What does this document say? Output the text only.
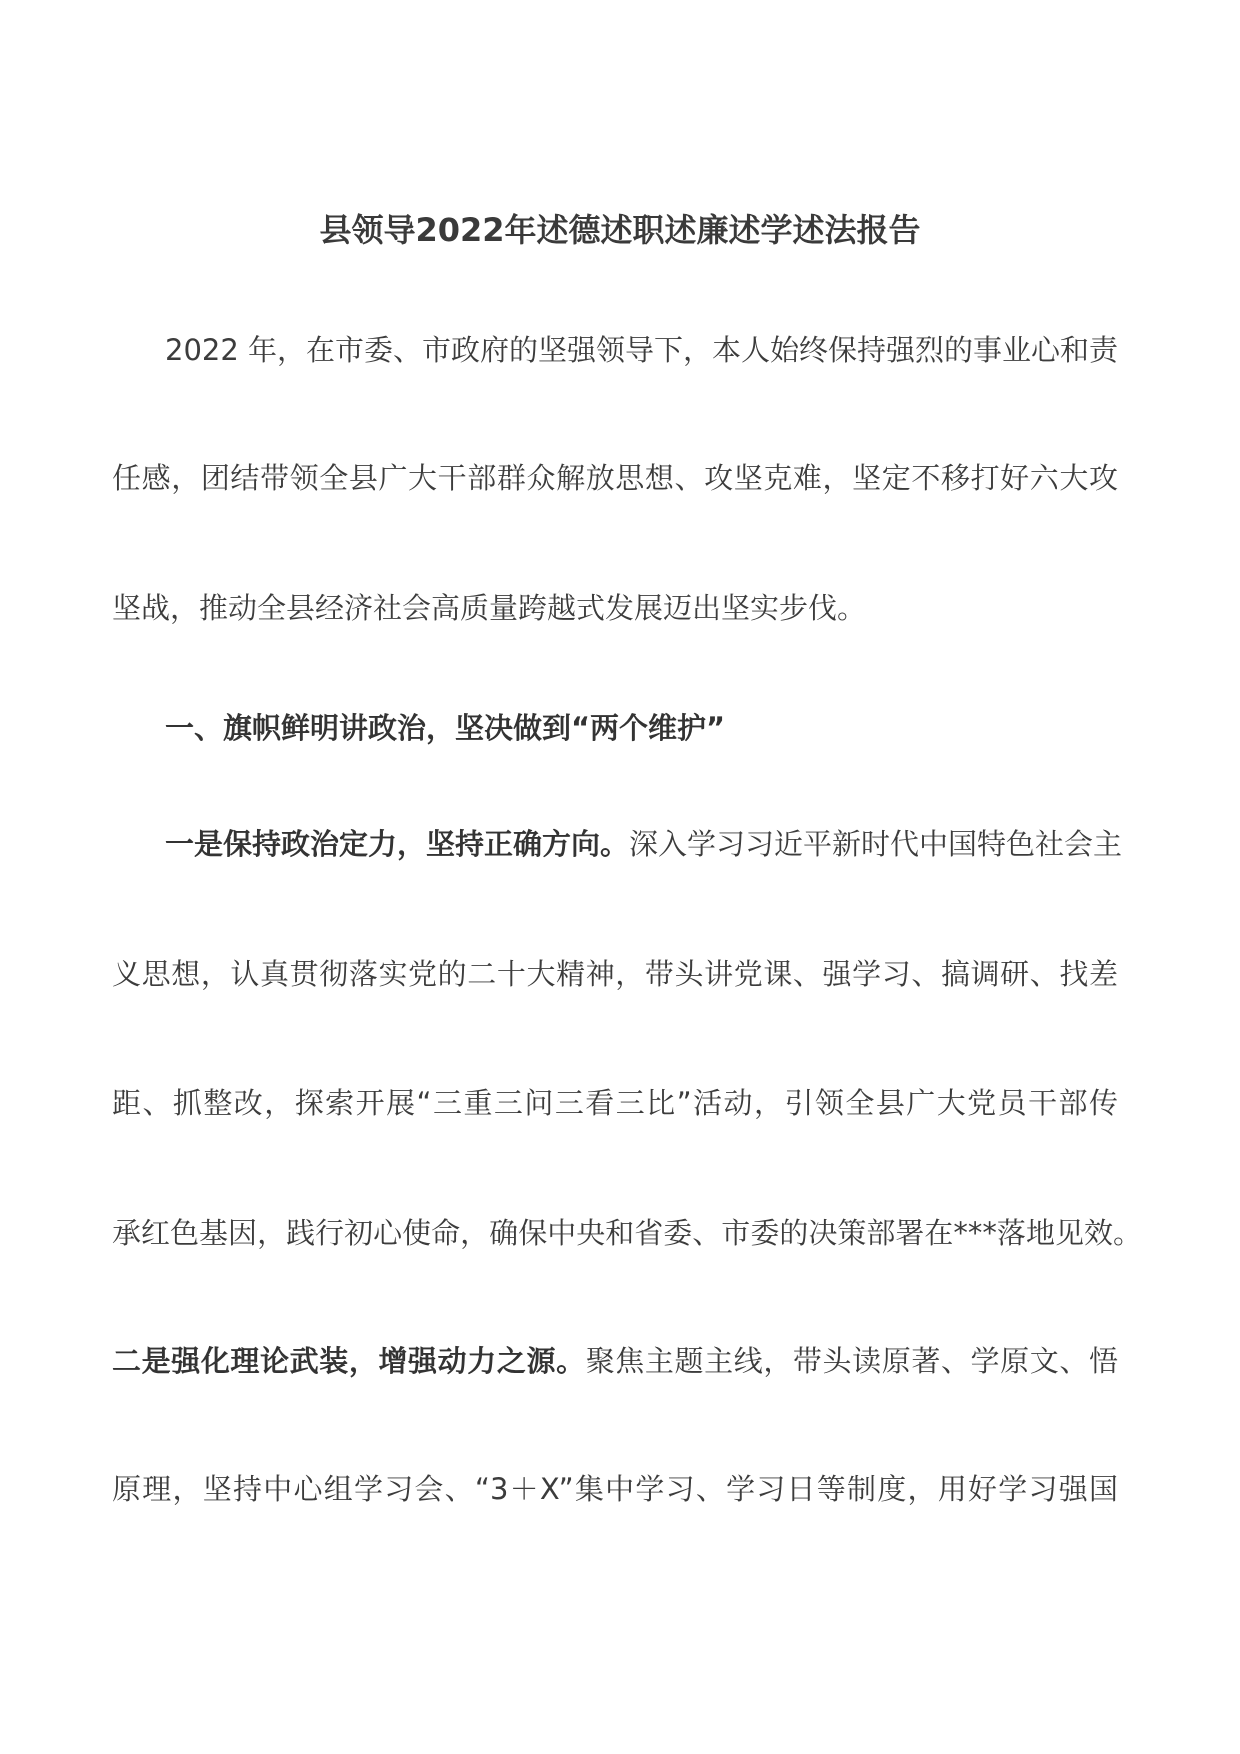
县领导2022年述德述职述廉述学述法报告
2022 年，在市委、市政府的坚强领导下，本人始终保持强烈的事业心和责
任感，团结带领全县广大干部群众解放思想、攻坚克难，坚定不移打好六大攻
坚战，推动全县经济社会高质量跨越式发展迈出坚实步伐。
一、旗帜鲜明讲政治，坚决做到“两个维护”
一是保持政治定力，坚持正确方向。深入学习习近平新时代中国特色社会主
义思想，认真贯彻落实党的二十大精神，带头讲党课、强学习、搞调研、找差
距、抓整改，探索开展“三重三问三看三比”活动，引领全县广大党员干部传
承红色基因，践行初心使命，确保中央和省委、市委的决策部署在***落地见效。
二是强化理论武装，增强动力之源。聚焦主题主线，带头读原著、学原文、悟
原理，坚持中心组学习会、“3＋X”集中学习、学习日等制度，用好学习强国
